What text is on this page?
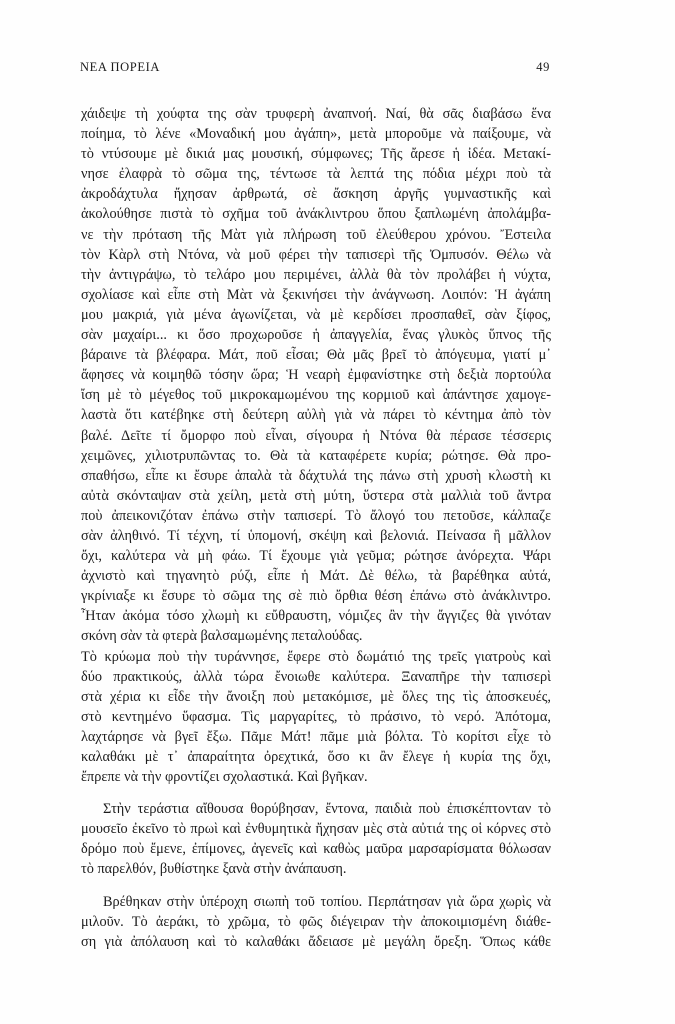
ΝΕΑ ΠΟΡΕΙΑ	49
χάιδεψε τὴ χούφτα της σὰν τρυφερὴ ἀναπνοή. Ναί, θὰ σᾶς διαβάσω ἕνα
ποίημα, τὸ λένε «Μοναδική μου ἀγάπη», μετὰ μποροῦμε νὰ παίξουμε, νὰ
τὸ ντύσουμε μὲ δικιά μας μουσική, σύμφωνες; Τῆς ἄρεσε ἡ ἰδέα. Μετακί-
νησε ἐλαφρὰ τὸ σῶμα της, τέντωσε τὰ λεπτά της πόδια μέχρι ποὺ τὰ
ἀκροδάχτυλα ἤχησαν ἀρθρωτά, σὲ ἄσκηση ἀργῆς γυμναστικῆς καὶ
ἀκολούθησε πιστὰ τὸ σχῆμα τοῦ ἀνάκλιντρου ὅπου ξαπλωμένη ἀπολάμβα-
νε τὴν πρόταση τῆς Μὰτ γιὰ πλήρωση τοῦ ἐλεύθερου χρόνου. Ἔστειλα
τὸν Κὰρλ στὴ Ντόνα, νὰ μοῦ φέρει τὴν ταπισερὶ τῆς Ὀμπυσόν. Θέλω νὰ
τὴν ἀντιγράψω, τὸ τελάρο μου περιμένει, ἀλλὰ θὰ τὸν προλάβει ἡ νύχτα,
σχολίασε καὶ εἶπε στὴ Μὰτ νὰ ξεκινήσει τὴν ἀνάγνωση. Λοιπόν: Ἡ ἀγάπη
μου μακριά, γιὰ μένα ἀγωνίζεται, νὰ μὲ κερδίσει προσπαθεῖ, σὰν ξίφος,
σὰν μαχαίρι... κι ὅσο προχωροῦσε ἡ ἀπαγγελία, ἕνας γλυκὸς ὕπνος τῆς
βάραινε τὰ βλέφαρα. Μάτ, ποῦ εἶσαι; Θὰ μᾶς βρεῖ τὸ ἀπόγευμα, γιατί μ᾽
ἄφησες νὰ κοιμηθῶ τόσην ὥρα; Ἡ νεαρὴ ἐμφανίστηκε στὴ δεξιὰ πορτούλα
ἴση μὲ τὸ μέγεθος τοῦ μικροκαμωμένου της κορμιοῦ καὶ ἀπάντησε χαμογε-
λαστὰ ὅτι κατέβηκε στὴ δεύτερη αὐλὴ γιὰ νὰ πάρει τὸ κέντημα ἀπὸ τὸν
βαλέ. Δεῖτε τί ὄμορφο ποὺ εἶναι, σίγουρα ἡ Ντόνα θὰ πέρασε τέσσερις
χειμῶνες, χιλιοτρυπῶντας το. Θὰ τὰ καταφέρετε κυρία; ρώτησε. Θὰ προ-
σπαθήσω, εἶπε κι ἔσυρε ἁπαλὰ τὰ δάχτυλά της πάνω στὴ χρυσὴ κλωστὴ κι
αὐτὰ σκόνταψαν στὰ χείλη, μετὰ στὴ μύτη, ὕστερα στὰ μαλλιὰ τοῦ ἄντρα
ποὺ ἀπεικονιζόταν ἐπάνω στὴν ταπισερί. Τὸ ἄλογό του πετοῦσε, κάλπαζε
σὰν ἀληθινό. Τί τέχνη, τί ὑπομονή, σκέψη καὶ βελονιά. Πείνασα ἢ μᾶλλον
ὄχι, καλύτερα νὰ μὴ φάω. Τί ἔχουμε γιὰ γεῦμα; ρώτησε ἀνόρεχτα. Ψάρι
ἀχνιστὸ καὶ τηγανητὸ ρύζι, εἶπε ἡ Μάτ. Δὲ θέλω, τὰ βαρέθηκα αὐτά,
γκρίνιαξε κι ἔσυρε τὸ σῶμα της σὲ πιὸ ὄρθια θέση ἐπάνω στὸ ἀνάκλιντρο.
Ἦταν ἀκόμα τόσο χλωμὴ κι εὔθραυστη, νόμιζες ἂν τὴν ἄγγιζες θὰ γινόταν
σκόνη σὰν τὰ φτερὰ βαλσαμωμένης πεταλούδας.
Τὸ κρύωμα ποὺ τὴν τυράννησε, ἔφερε στὸ δωμάτιό της τρεῖς γιατροὺς καὶ
δύο πρακτικούς, ἀλλὰ τώρα ἔνοιωθε καλύτερα. Ξαναπῆρε τὴν ταπισερὶ
στὰ χέρια κι εἶδε τὴν ἄνοιξη ποὺ μετακόμισε, μὲ ὅλες της τὶς ἀποσκευές,
στὸ κεντημένο ὕφασμα. Τὶς μαργαρίτες, τὸ πράσινο, τὸ νερό. Ἀπότομα,
λαχτάρησε νὰ βγεῖ ἔξω. Πᾶμε Μάτ! πᾶμε μιὰ βόλτα. Τὸ κορίτσι εἶχε τὸ
καλαθάκι μὲ τ᾽ ἀπαραίτητα ὀρεχτικά, ὅσο κι ἂν ἔλεγε ἡ κυρία της ὄχι,
ἔπρεπε νὰ τὴν φροντίζει σχολαστικά. Καὶ βγῆκαν.
Στὴν τεράστια αἴθουσα θορύβησαν, ἔντονα, παιδιὰ ποὺ ἐπισκέπτονταν τὸ
μουσεῖο ἐκεῖνο τὸ πρωὶ καὶ ἐνθυμητικὰ ἤχησαν μὲς στὰ αὐτιά της οἱ κόρνες στὸ
δρόμο ποὺ ἔμενε, ἐπίμονες, ἀγενεῖς καὶ καθὼς μαῦρα μαρσαρίσματα θόλωσαν
τὸ παρελθόν, βυθίστηκε ξανὰ στὴν ἀνάπαυση.
Βρέθηκαν στὴν ὑπέροχη σιωπὴ τοῦ τοπίου. Περπάτησαν γιὰ ὥρα χωρὶς νὰ
μιλοῦν. Τὸ ἀεράκι, τὸ χρῶμα, τὸ φῶς διέγειραν τὴν ἀποκοιμισμένη διάθε-
ση γιὰ ἀπόλαυση καὶ τὸ καλαθάκι ἄδειασε μὲ μεγάλη ὄρεξη. Ὅπως κάθε
